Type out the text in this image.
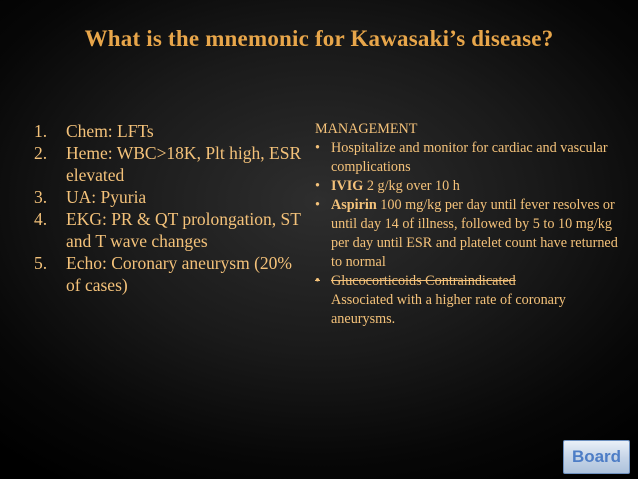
What is the mnemonic for Kawasaki’s disease?
1. Chem: LFTs
2. Heme: WBC>18K, Plt high, ESR elevated
3. UA: Pyuria
4. EKG: PR & QT prolongation, ST and T wave changes
5. Echo: Coronary aneurysm (20% of cases)
MANAGEMENT
• Hospitalize and monitor for cardiac and vascular complications
• IVIG 2 g/kg over 10 h
• Aspirin 100 mg/kg per day until fever resolves or until day 14 of illness, followed by 5 to 10 mg/kg per day until ESR and platelet count have returned to normal
• Glucocorticoids Contraindicated
Associated with a higher rate of coronary aneurysms.
Board
